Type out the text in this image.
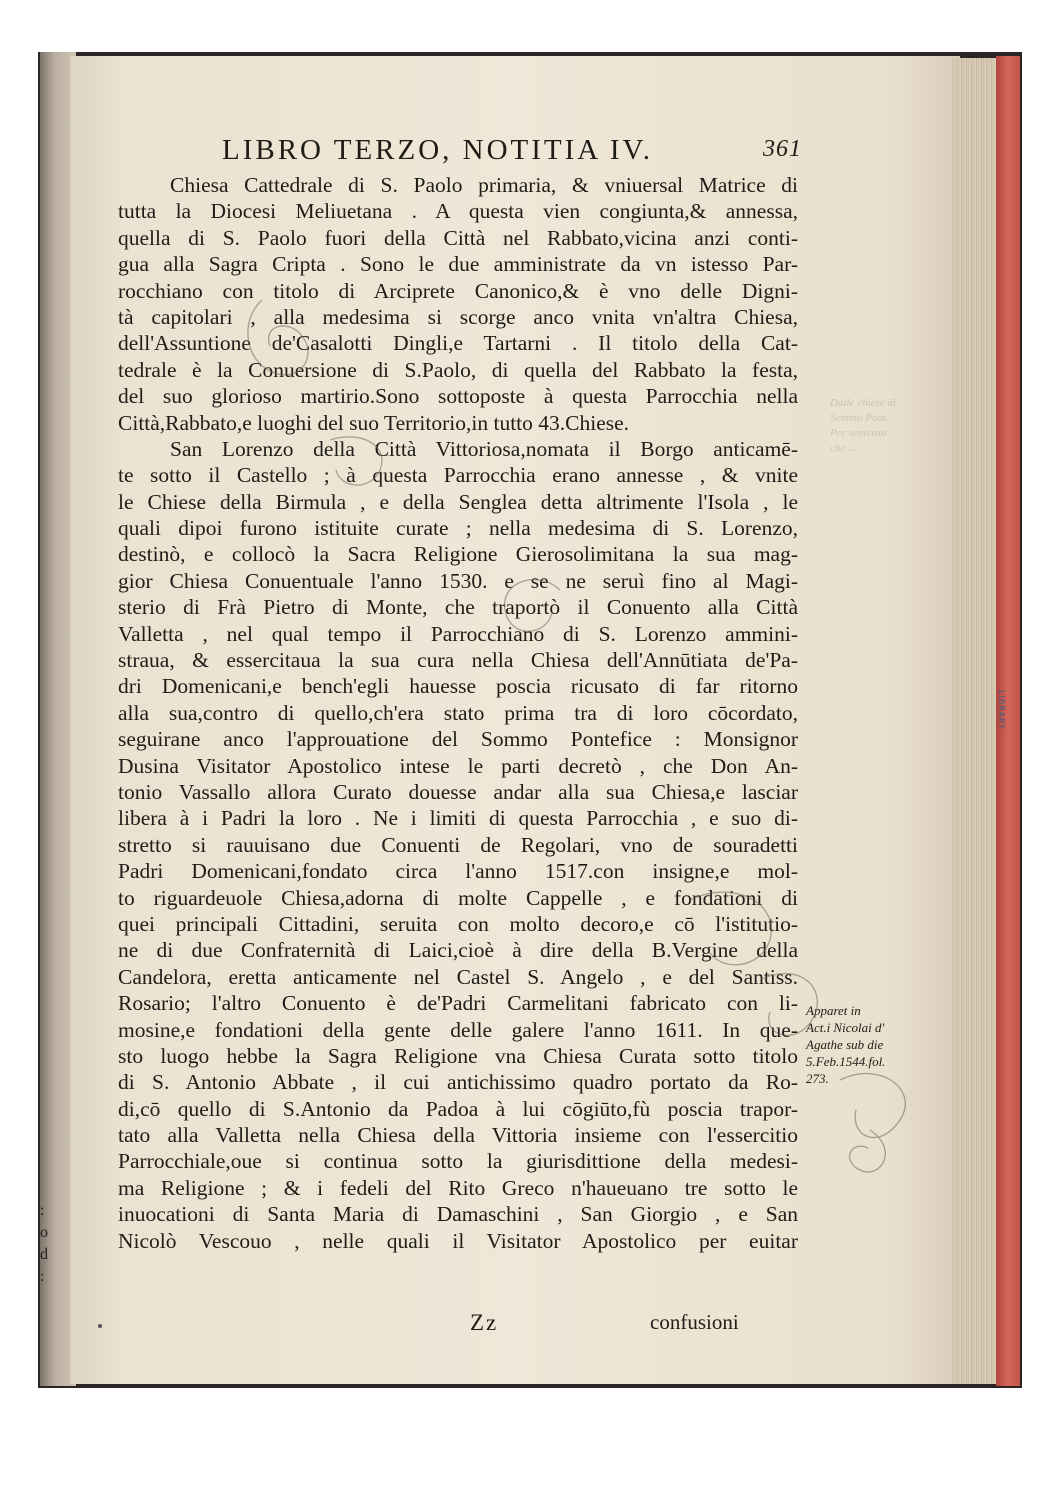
LIBRARY
:
o
d
:
Dalle chiese di
Sommo Pont.
Per sentenza
che ...
LIBRO TERZO, NOTITIA IV.	361
Chiesa Cattedrale di S. Paolo primaria, & vniuersal Matrice di
tutta la Diocesi Meliuetana . A questa vien congiunta,& annessa,
quella di S. Paolo fuori della Città nel Rabbato,vicina anzi conti-
gua alla Sagra Cripta . Sono le due amministrate da vn istesso Par-
rocchiano con titolo di Arciprete Canonico,& è vno delle Digni-
tà capitolari , alla medesima si scorge anco vnita vn'altra Chiesa,
dell'Assuntione de'Casalotti Dingli,e Tartarni . Il titolo della Cat-
tedrale è la Conuersione di S.Paolo, di quella del Rabbato la festa,
del suo glorioso martirio.Sono sottoposte à questa Parrocchia nella
Città,Rabbato,e luoghi del suo Territorio,in tutto 43.Chiese.
San Lorenzo della Città Vittoriosa,nomata il Borgo anticamē-
te sotto il Castello ; à questa Parrocchia erano annesse , & vnite
le Chiese della Birmula , e della Senglea detta altrimente l'Isola , le
quali dipoi furono istituite curate ; nella medesima di S. Lorenzo,
destinò, e collocò la Sacra Religione Gierosolimitana la sua mag-
gior Chiesa Conuentuale l'anno 1530. e se ne seruì fino al Magi-
sterio di Frà Pietro di Monte, che traportò il Conuento alla Città
Valletta , nel qual tempo il Parrocchiano di S. Lorenzo ammini-
straua, & essercitaua la sua cura nella Chiesa dell'Annūtiata de'Pa-
dri Domenicani,e bench'egli hauesse poscia ricusato di far ritorno
alla sua,contro di quello,ch'era stato prima tra di loro cōcordato,
seguirane anco l'approuatione del Sommo Pontefice : Monsignor
Dusina Visitator Apostolico intese le parti decretò , che Don An-
tonio Vassallo allora Curato douesse andar alla sua Chiesa,e lasciar
libera à i Padri la loro . Ne i limiti di questa Parrocchia , e suo di-
stretto si rauuisano due Conuenti de Regolari, vno de souradetti
Padri Domenicani,fondato circa l'anno 1517.con insigne,e mol-
to riguardeuole Chiesa,adorna di molte Cappelle , e fondationi di
quei principali Cittadini, seruita con molto decoro,e cō l'istitutio-
ne di due Confraternità di Laici,cioè à dire della B.Vergine della
Candelora, eretta anticamente nel Castel S. Angelo , e del Santiss.
Rosario; l'altro Conuento è de'Padri Carmelitani fabricato con li-
mosine,e fondationi della gente delle galere l'anno 1611. In que-
sto luogo hebbe la Sagra Religione vna Chiesa Curata sotto titolo
di S. Antonio Abbate , il cui antichissimo quadro portato da Ro-
di,cō quello di S.Antonio da Padoa à lui cōgiūto,fù poscia trapor-
tato alla Valletta nella Chiesa della Vittoria insieme con l'essercitio
Parrocchiale,oue si continua sotto la giurisdittione della medesi-
ma Religione ; & i fedeli del Rito Greco n'haueuano tre sotto le
inuocationi di Santa Maria di Damaschini , San Giorgio , e San
Nicolò Vescouo , nelle quali il Visitator Apostolico per euitar
Apparet in
Act.i Nicolai d'
Agathe sub die
5.Feb.1544.fol.
273.
Zz	confusioni
